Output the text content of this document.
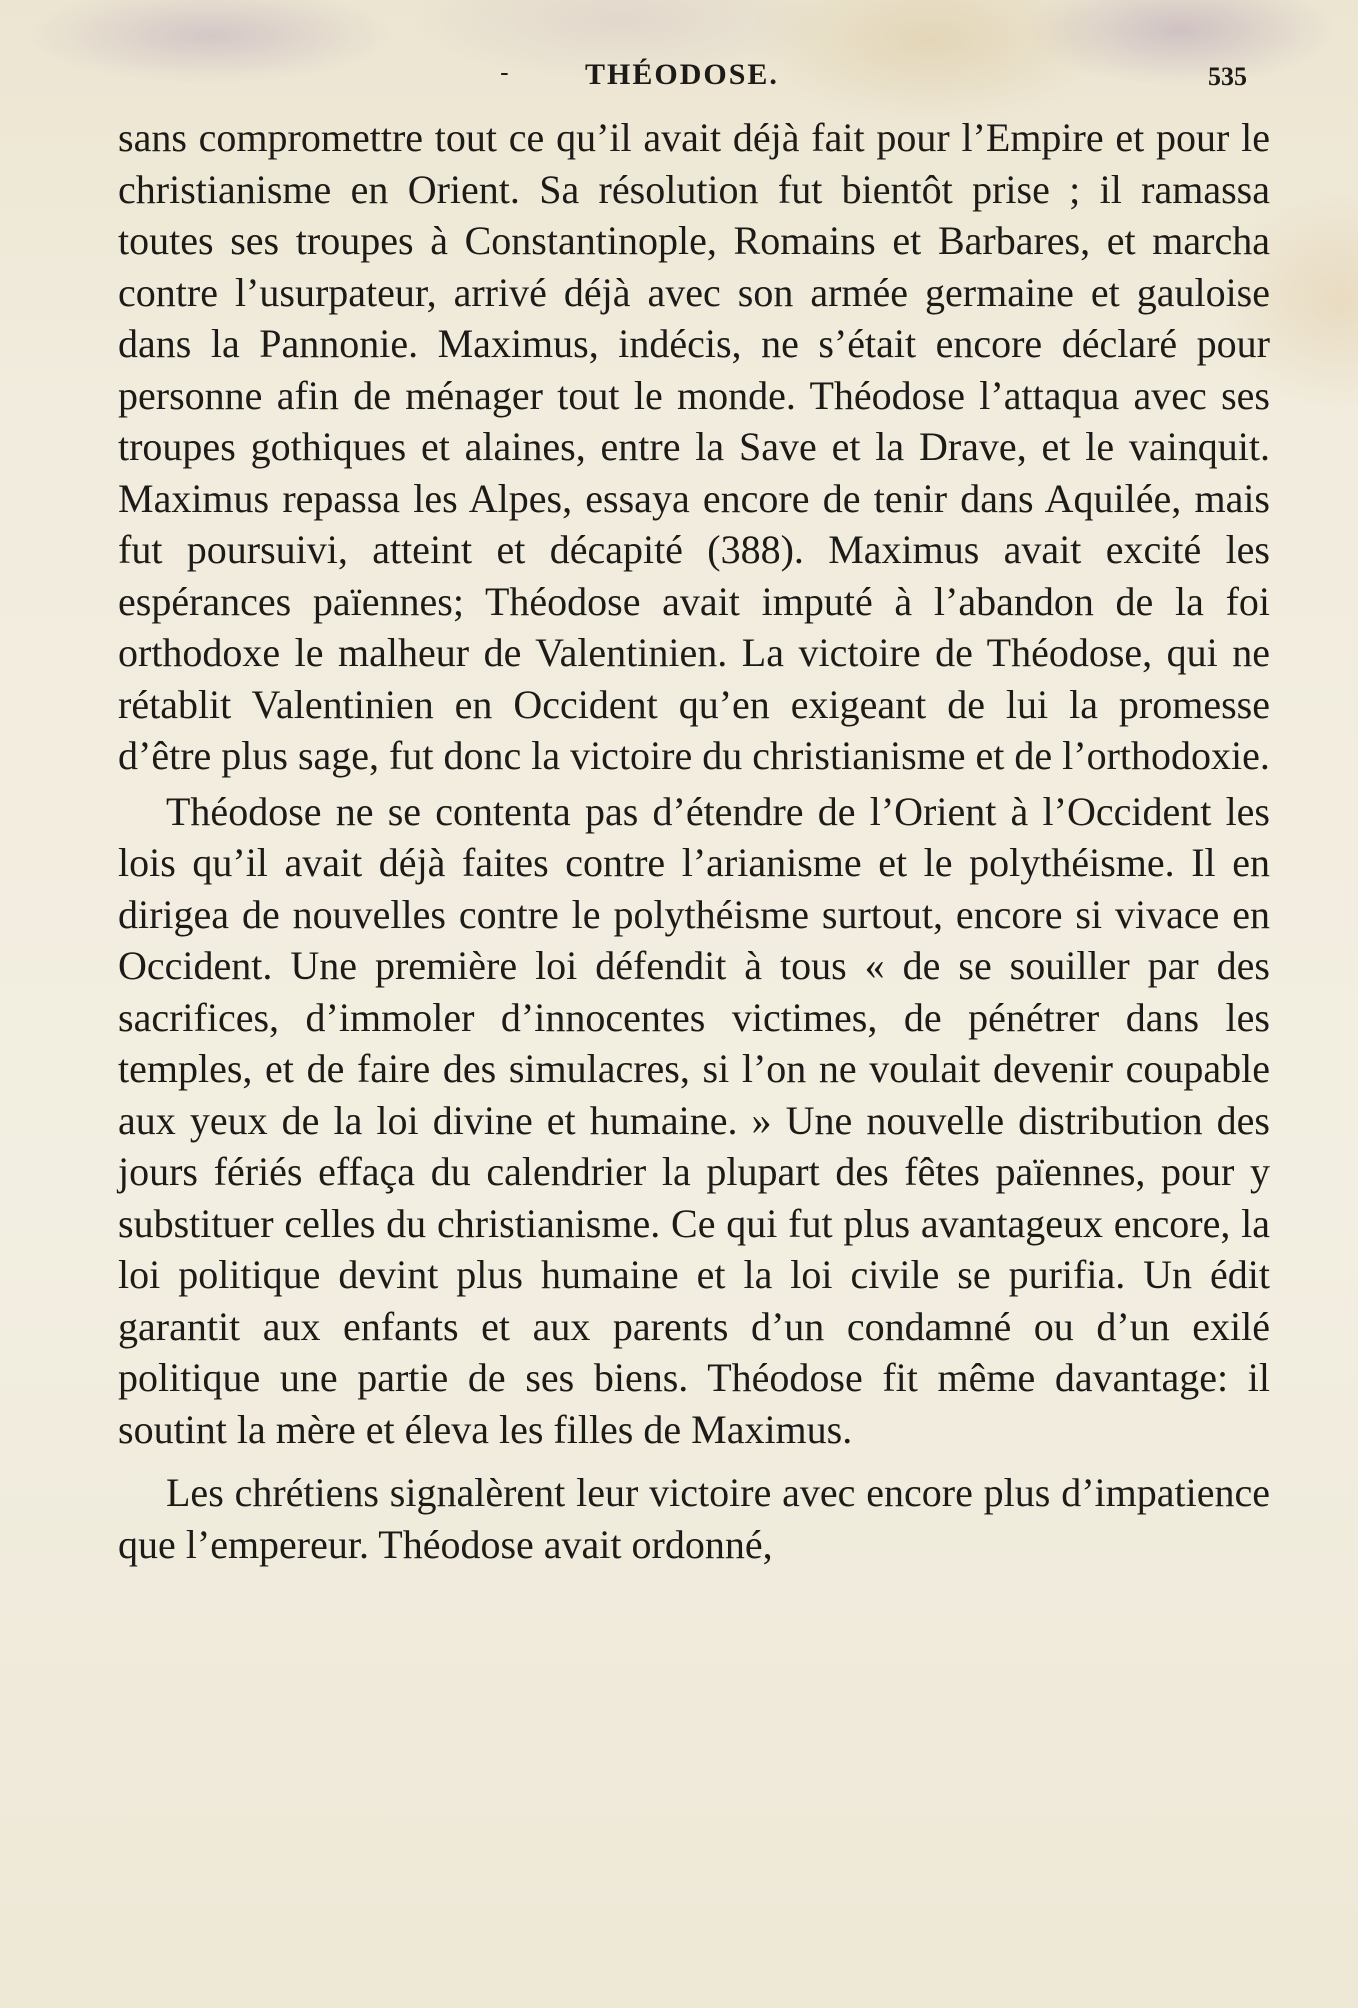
-	THÉODOSE.	535

sans compromettre tout ce qu’il avait déjà fait pour l’Empire et pour le christianisme en Orient. Sa résolution fut bientôt prise ; il ramassa toutes ses troupes à Constantinople, Romains et Barbares, et marcha contre l’usurpateur, arrivé déjà avec son armée germaine et gauloise dans la Pannonie. Maximus, indécis, ne s’était encore déclaré pour personne afin de ménager tout le monde. Théodose l’attaqua avec ses troupes gothiques et alaines, entre la Save et la Drave, et le vainquit. Maximus repassa les Alpes, essaya encore de tenir dans Aquilée, mais fut poursuivi, atteint et décapité (388). Maximus avait excité les espérances païennes; Théodose avait imputé à l’abandon de la foi orthodoxe le malheur de Valentinien. La victoire de Théodose, qui ne rétablit Valentinien en Occident qu’en exigeant de lui la promesse d’être plus sage, fut donc la victoire du christianisme et de l’orthodoxie.

Théodose ne se contenta pas d’étendre de l’Orient à l’Occident les lois qu’il avait déjà faites contre l’arianisme et le polythéisme. Il en dirigea de nouvelles contre le polythéisme surtout, encore si vivace en Occident. Une première loi défendit à tous « de se souiller par des sacrifices, d’immoler d’innocentes victimes, de pénétrer dans les temples, et de faire des simulacres, si l’on ne voulait devenir coupable aux yeux de la loi divine et humaine. » Une nouvelle distribution des jours fériés effaça du calendrier la plupart des fêtes païennes, pour y substituer celles du christianisme. Ce qui fut plus avantageux encore, la loi politique devint plus humaine et la loi civile se purifia. Un édit garantit aux enfants et aux parents d’un condamné ou d’un exilé politique une partie de ses biens. Théodose fit même davantage: il soutint la mère et éleva les filles de Maximus.

Les chrétiens signalèrent leur victoire avec encore plus d’impatience que l’empereur. Théodose avait ordonné,
